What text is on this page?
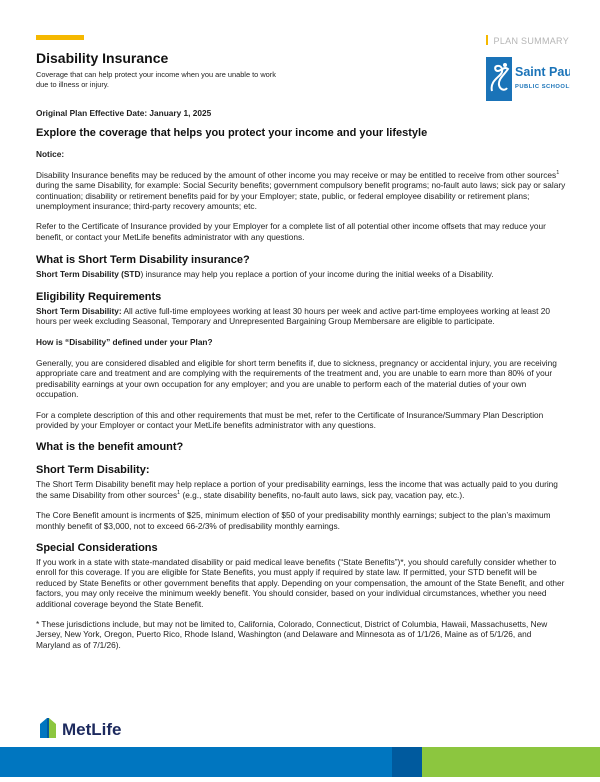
PLAN SUMMARY
Disability Insurance
Coverage that can help protect your income when you are unable to work due to illness or injury.
Saint Paul
PUBLIC SCHOOLS

Original Plan Effective Date: January 1, 2025

Explore the coverage that helps you protect your income and your lifestyle

Notice:

Disability Insurance benefits may be reduced by the amount of other income you may receive or may be entitled to receive from other sources$^1$ during the same Disability, for example: Social Security benefits; government compulsory benefit programs; no-fault auto laws; sick pay or salary continuation; disability or retirement benefits paid for by your Employer; state, public, or federal employee disability or retirement plans; unemployment insurance; third-party recovery amounts; etc.

Refer to the Certificate of Insurance provided by your Employer for a complete list of all potential other income offsets that may reduce your benefit, or contact your MetLife benefits administrator with any questions.

What is Short Term Disability insurance?

Short Term Disability (STD) insurance may help you replace a portion of your income during the initial weeks of a Disability.

Eligibility Requirements

Short Term Disability: All active full-time employees working at least 30 hours per week and active part-time employees working at least 20 hours per week excluding Seasonal, Temporary and Unrepresented Bargaining Group Membersare are eligible to participate.

How is “Disability” defined under your Plan?

Generally, you are considered disabled and eligible for short term benefits if, due to sickness, pregnancy or accidental injury, you are receiving appropriate care and treatment and are complying with the requirements of the treatment and, you are unable to earn more than 80% of your predisability earnings at your own occupation for any employer; and you are unable to perform each of the material duties of your own occupation.

For a complete description of this and other requirements that must be met, refer to the Certificate of Insurance/Summary Plan Description provided by your Employer or contact your MetLife benefits administrator with any questions.

What is the benefit amount?

Short Term Disability:

The Short Term Disability benefit may help replace a portion of your predisability earnings, less the income that was actually paid to you during the same Disability from other sources$^1$ (e.g., state disability benefits, no-fault auto laws, sick pay, vacation pay, etc.).

The Core Benefit amount is incrments of $25, minimum election of $50 of your predisability monthly earnings; subject to the plan’s maximum monthly benefit of $3,000, not to exceed 66-2/3% of predisability monthly earnings.

Special Considerations

If you work in a state with state-mandated disability or paid medical leave benefits (“State Benefits”)*, you should carefully consider whether to enroll for this coverage. If you are eligible for State Benefits, you must apply if required by state law. If permitted, your STD benefit will be reduced by State Benefits or other government benefits that apply. Depending on your compensation, the amount of the State Benefit, and other factors, you may only receive the minimum weekly benefit. You should consider, based on your individual circumstances, whether you need additional coverage beyond the State Benefit.

* These jurisdictions include, but may not be limited to, California, Colorado, Connecticut, District of Columbia, Hawaii, Massachusetts, New Jersey, New York, Oregon, Puerto Rico, Rhode Island, Washington (and Delaware and Minnesota as of 1/1/26, Maine as of 5/1/26, and Maryland as of 7/1/26).

MetLife
